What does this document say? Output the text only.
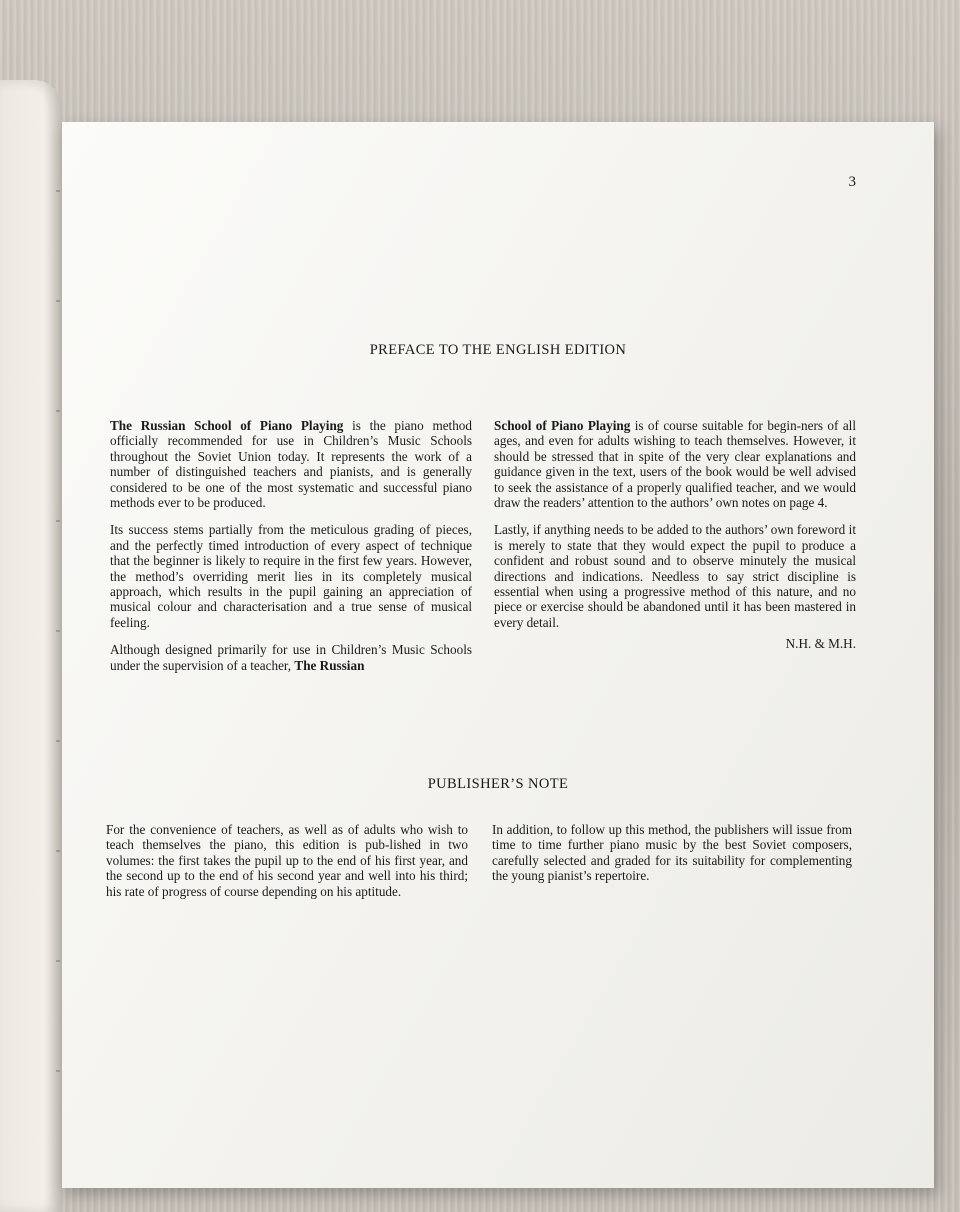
3
PREFACE TO THE ENGLISH EDITION

The Russian School of Piano Playing is the piano method officially recommended for use in Children’s Music Schools throughout the Soviet Union today. It represents the work of a number of distinguished teachers and pianists, and is generally considered to be one of the most systematic and successful piano methods ever to be produced.

Its success stems partially from the meticulous grading of pieces, and the perfectly timed introduction of every aspect of technique that the beginner is likely to require in the first few years. However, the method’s overriding merit lies in its completely musical approach, which results in the pupil gaining an appreciation of musical colour and characterisation and a true sense of musical feeling.

Although designed primarily for use in Children’s Music Schools under the supervision of a teacher, The Russian

School of Piano Playing is of course suitable for begin-ners of all ages, and even for adults wishing to teach themselves. However, it should be stressed that in spite of the very clear explanations and guidance given in the text, users of the book would be well advised to seek the assistance of a properly qualified teacher, and we would draw the readers’ attention to the authors’ own notes on page 4.

Lastly, if anything needs to be added to the authors’ own foreword it is merely to state that they would expect the pupil to produce a confident and robust sound and to observe minutely the musical directions and indications. Needless to say strict discipline is essential when using a progressive method of this nature, and no piece or exercise should be abandoned until it has been mastered in every detail.

N.H. & M.H.
PUBLISHER’S NOTE

For the convenience of teachers, as well as of adults who wish to teach themselves the piano, this edition is pub-lished in two volumes: the first takes the pupil up to the end of his first year, and the second up to the end of his second year and well into his third; his rate of progress of course depending on his aptitude.

In addition, to follow up this method, the publishers will issue from time to time further piano music by the best Soviet composers, carefully selected and graded for its suitability for complementing the young pianist’s repertoire.
